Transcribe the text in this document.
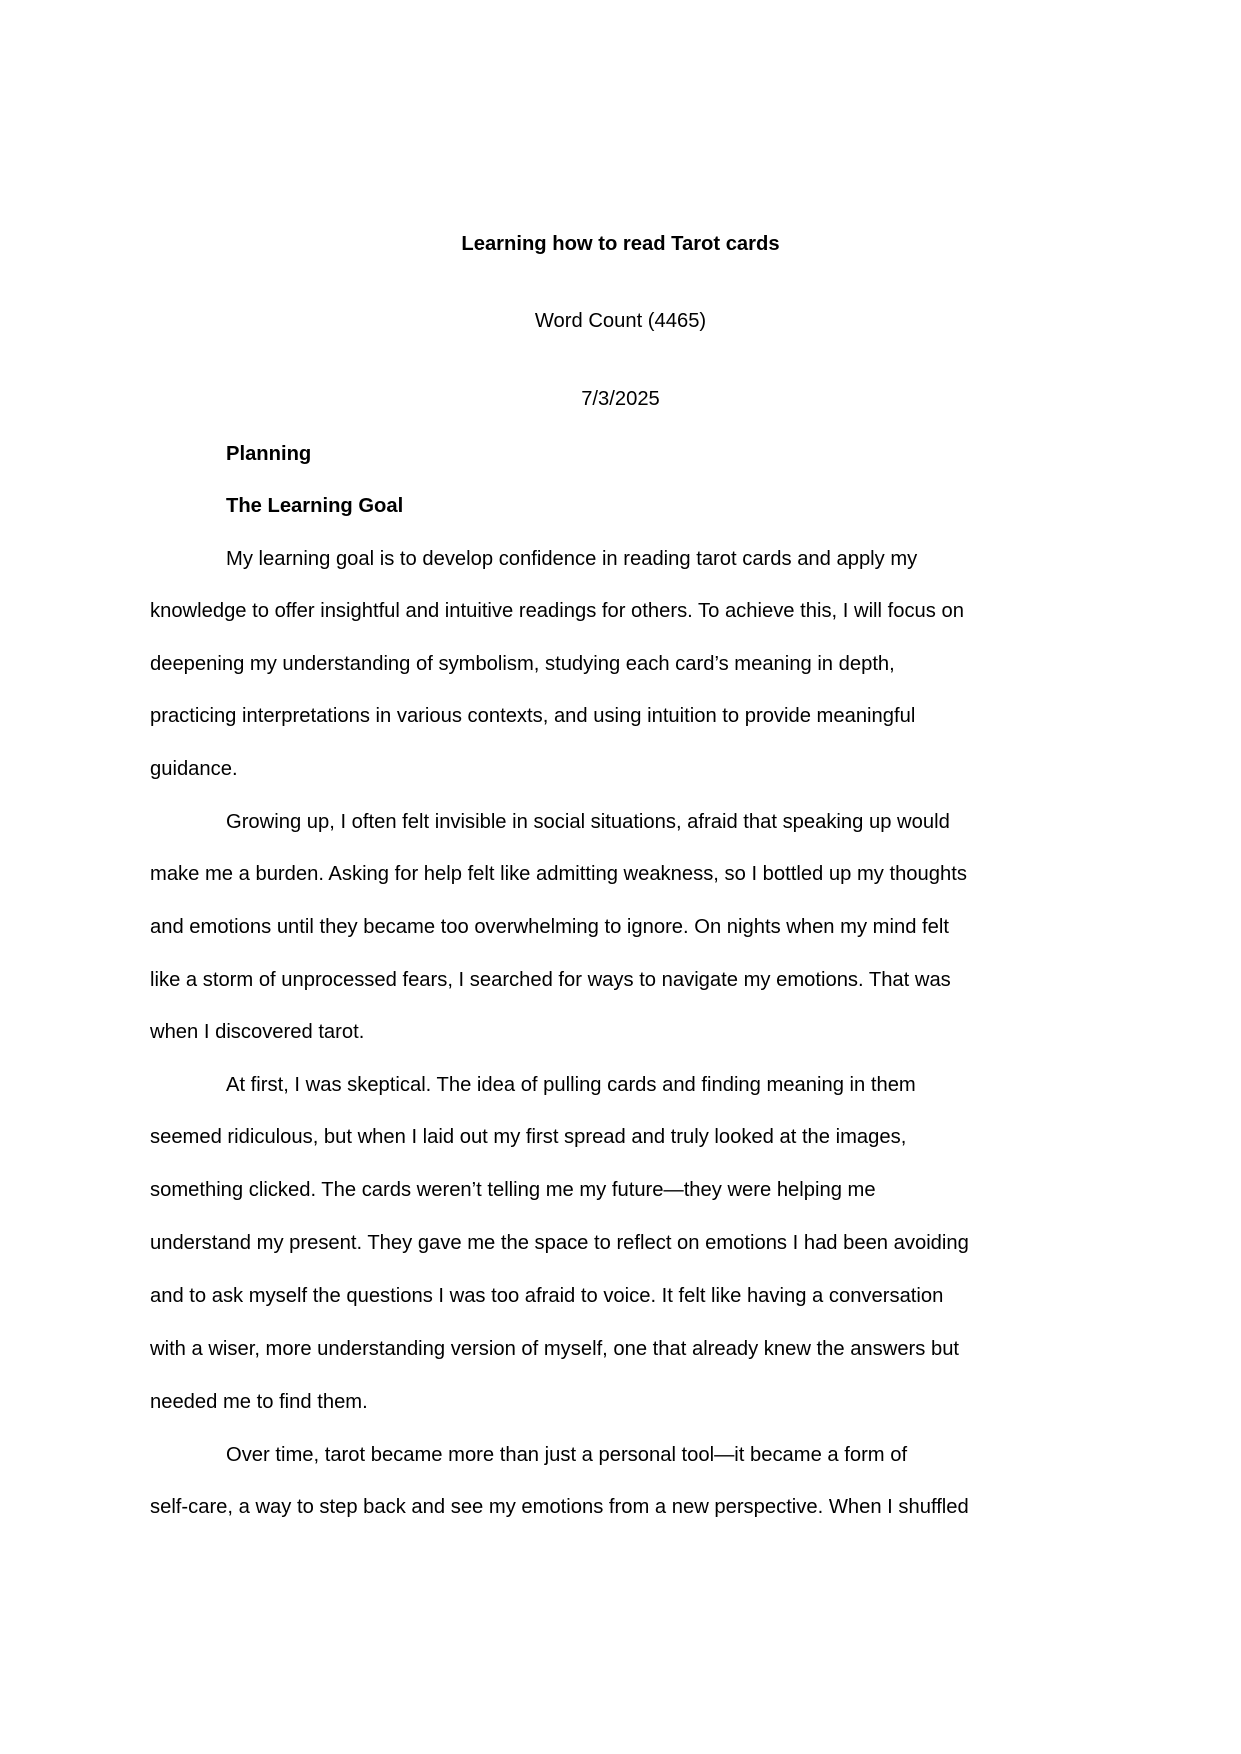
Learning how to read Tarot cards
Word Count (4465)
7/3/2025
Planning
The Learning Goal
My learning goal is to develop confidence in reading tarot cards and apply my
knowledge to offer insightful and intuitive readings for others. To achieve this, I will focus on
deepening my understanding of symbolism, studying each card’s meaning in depth,
practicing interpretations in various contexts, and using intuition to provide meaningful
guidance.
Growing up, I often felt invisible in social situations, afraid that speaking up would
make me a burden. Asking for help felt like admitting weakness, so I bottled up my thoughts
and emotions until they became too overwhelming to ignore. On nights when my mind felt
like a storm of unprocessed fears, I searched for ways to navigate my emotions. That was
when I discovered tarot.
At first, I was skeptical. The idea of pulling cards and finding meaning in them
seemed ridiculous, but when I laid out my first spread and truly looked at the images,
something clicked. The cards weren’t telling me my future—they were helping me
understand my present. They gave me the space to reflect on emotions I had been avoiding
and to ask myself the questions I was too afraid to voice. It felt like having a conversation
with a wiser, more understanding version of myself, one that already knew the answers but
needed me to find them.
Over time, tarot became more than just a personal tool—it became a form of
self-care, a way to step back and see my emotions from a new perspective. When I shuffled
